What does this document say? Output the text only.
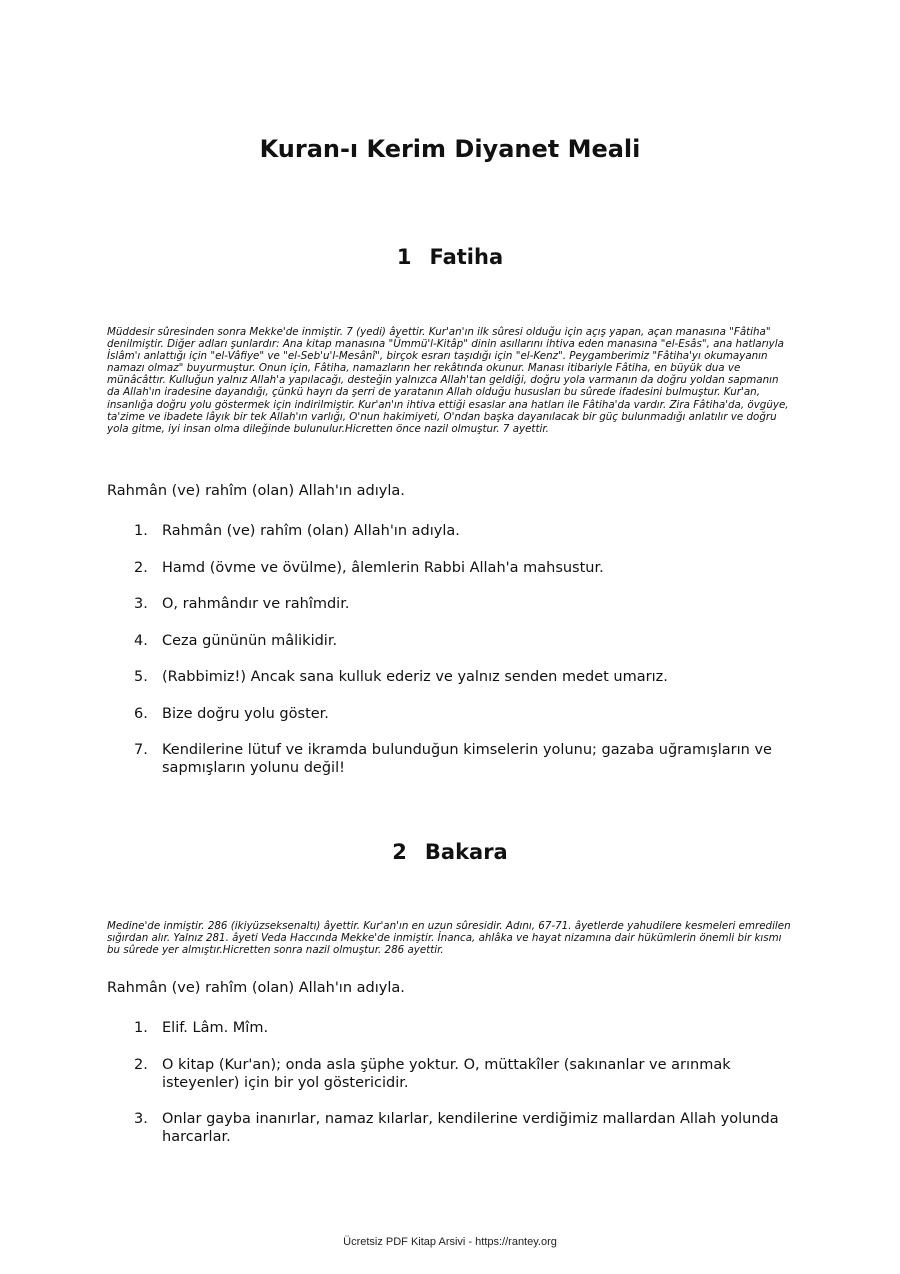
Kuran-ı Kerim Diyanet Meali
1 Fatiha

Müddesir sûresinden sonra Mekke'de inmiştir. 7 (yedi) âyettir. Kur'an'ın ilk sûresi olduğu için açış yapan, açan manasına "Fâtiha" denilmiştir. Diğer adları şunlardır: Ana kitap manasına "Ümmü'l-Kitâp" dinin asıllarını ihtiva eden manasına "el-Esâs", ana hatlarıyla İslâm'ı anlattığı için "el-Vâfiye" ve "el-Seb'u'l-Mesânî", birçok esrarı taşıdığı için "el-Kenz". Peygamberimiz "Fâtiha'yı okumayanın namazı olmaz" buyurmuştur. Onun için, Fâtiha, namazların her rekâtında okunur. Manası itibariyle Fâtiha, en büyük dua ve münâcâttır. Kulluğun yalnız Allah'a yapılacağı, desteğin yalnızca Allah'tan geldiği, doğru yola varmanın da doğru yoldan sapmanın da Allah'ın iradesine dayandığı, çünkü hayrı da şerri de yaratanın Allah olduğu hususları bu sûrede ifadesini bulmuştur. Kur'an, insanlığa doğru yolu göstermek için indirilmiştir. Kur'an'ın ihtiva ettiği esaslar ana hatları ile Fâtiha'da vardır. Zira Fâtiha'da, övgüye, ta'zime ve ibadete lâyık bir tek Allah'ın varlığı, O'nun hakimiyeti, O'ndan başka dayanılacak bir güç bulunmadığı anlatılır ve doğru yola gitme, iyi insan olma dileğinde bulunulur.Hicretten önce nazil olmuştur. 7 ayettir.

Rahmân (ve) rahîm (olan) Allah'ın adıyla.

1. Rahmân (ve) rahîm (olan) Allah'ın adıyla.
2. Hamd (övme ve övülme), âlemlerin Rabbi Allah'a mahsustur.
3. O, rahmândır ve rahîmdir.
4. Ceza gününün mâlikidir.
5. (Rabbimiz!) Ancak sana kulluk ederiz ve yalnız senden medet umarız.
6. Bize doğru yolu göster.
7. Kendilerine lütuf ve ikramda bulunduğun kimselerin yolunu; gazaba uğramışların ve sapmışların yolunu değil!
2 Bakara

Medine'de inmiştir. 286 (ikiyüzseksenaltı) âyettir. Kur'an'ın en uzun sûresidir. Adını, 67-71. âyetlerde yahudilere kesmeleri emredilen sığırdan alır. Yalnız 281. âyeti Veda Haccında Mekke'de inmiştir. İnanca, ahlâka ve hayat nizamına dair hükümlerin önemli bir kısmı bu sûrede yer almıştır.Hicretten sonra nazil olmuştur. 286 ayettir.

Rahmân (ve) rahîm (olan) Allah'ın adıyla.

1. Elif. Lâm. Mîm.
2. O kitap (Kur'an); onda asla şüphe yoktur. O, müttakîler (sakınanlar ve arınmak isteyenler) için bir yol göstericidir.
3. Onlar gayba inanırlar, namaz kılarlar, kendilerine verdiğimiz mallardan Allah yolunda harcarlar.
Ücretsiz PDF Kitap Arsivi - https://rantey.org
